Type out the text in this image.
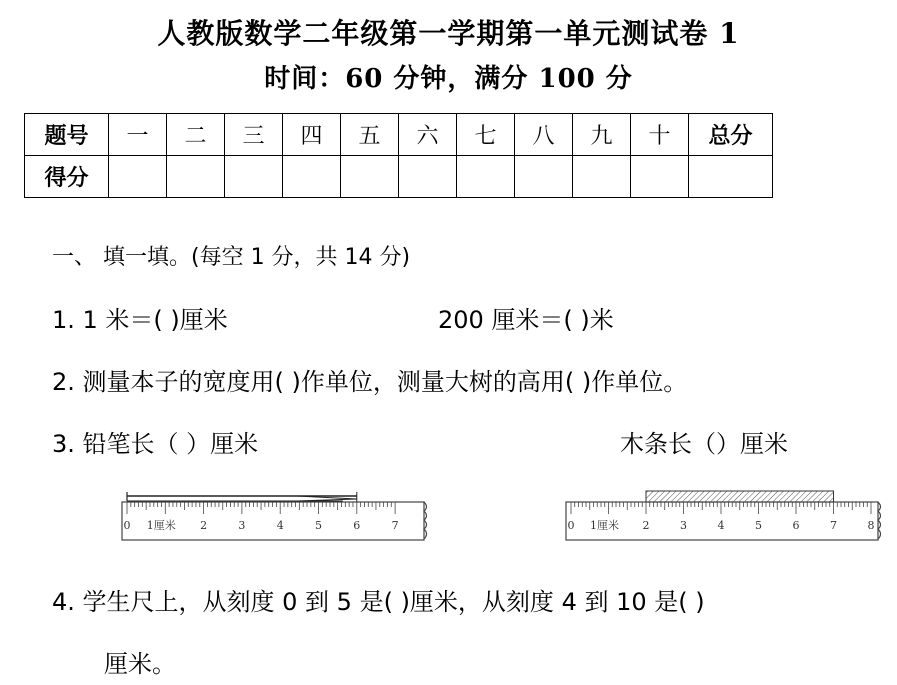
人教版数学二年级第一学期第一单元测试卷 1
时间：60 分钟，满分 100 分
题号	一	二	三	四	五	六	七	八	九	十	总分
得分											
一、 填一填。(每空 1 分，共 14 分)
1. 1 米＝( )厘米	200 厘米＝( )米
2. 测量本子的宽度用( )作单位，测量大树的高用( )作单位。
3. 铅笔长（ ）厘米	木条长（）厘米
0	2	3	4	5	6	7
1厘米	0	2	3	4	5	6	7	8
1厘米
4. 学生尺上，从刻度 0 到 5 是( )厘米，从刻度 4 到 10 是( )
厘米。
